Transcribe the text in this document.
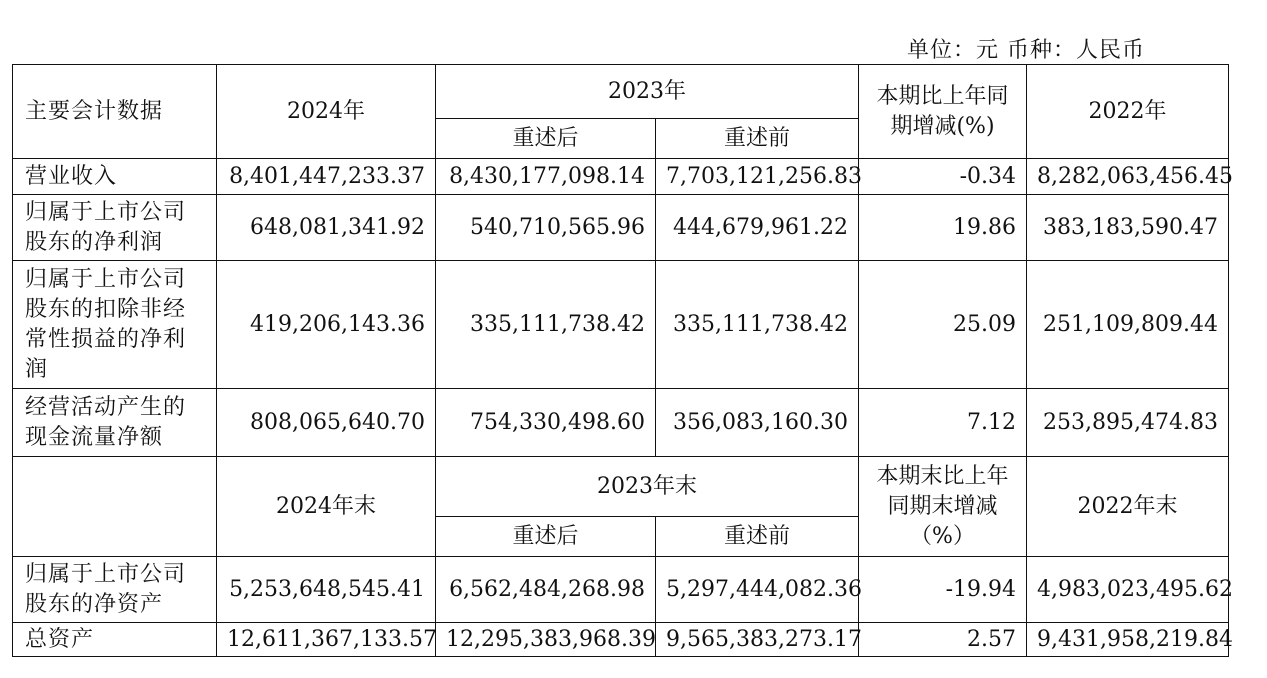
单位：元 币种：人民币
主要会计数据	2024年	2023年		本期比上年同期增减(%)	2022年
		重述后	重述前		
营业收入	8,401,447,233.37	8,430,177,098.14	7,703,121,256.83	-0.34	8,282,063,456.45
归属于上市公司股东的净利润	648,081,341.92	540,710,565.96	444,679,961.22	19.86	383,183,590.47
归属于上市公司股东的扣除非经常性损益的净利润	419,206,143.36	335,111,738.42	335,111,738.42	25.09	251,109,809.44
经营活动产生的现金流量净额	808,065,640.70	754,330,498.60	356,083,160.30	7.12	253,895,474.83
	2024年末	2023年末		本期末比上年同期末增减（%）	2022年末
		重述后	重述前		
归属于上市公司股东的净资产	5,253,648,545.41	6,562,484,268.98	5,297,444,082.36	-19.94	4,983,023,495.62
总资产	12,611,367,133.57	12,295,383,968.39	9,565,383,273.17	2.57	9,431,958,219.84
